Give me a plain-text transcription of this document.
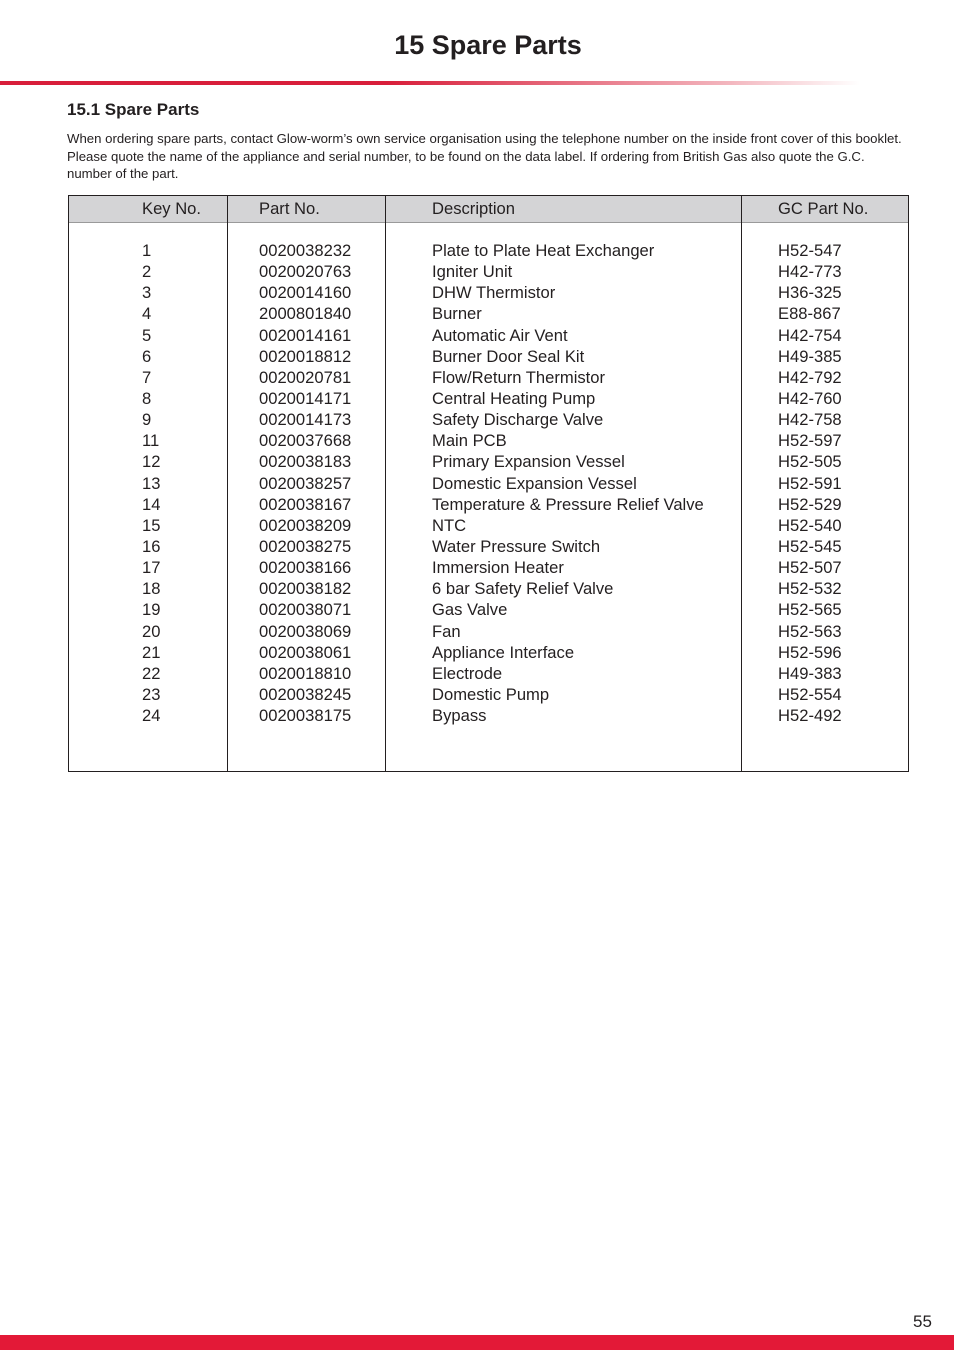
15 Spare Parts
15.1 Spare Parts
When ordering spare parts, contact Glow-worm’s own service organisation using the telephone number on the inside front cover of this booklet. Please quote the name of the appliance and serial number, to be found on the data label. If ordering from British Gas also quote the G.C. number of the part.
Key No.
1
2
3
4
5
6
7
8
9
11
12
13
14
15
16
17
18
19
20
21
22
23
24
Part No.
0020038232
0020020763
0020014160
2000801840
0020014161
0020018812
0020020781
0020014171
0020014173
0020037668
0020038183
0020038257
0020038167
0020038209
0020038275
0020038166
0020038182
0020038071
0020038069
0020038061
0020018810
0020038245
0020038175
Description
Plate to Plate Heat Exchanger
Igniter Unit
DHW Thermistor
Burner
Automatic Air Vent
Burner Door Seal Kit
Flow/Return Thermistor
Central Heating Pump
Safety Discharge Valve
Main PCB
Primary Expansion Vessel
Domestic Expansion Vessel
Temperature & Pressure Relief Valve
NTC
Water Pressure Switch
Immersion Heater
6 bar Safety Relief Valve
Gas Valve
Fan
Appliance Interface
Electrode
Domestic Pump
Bypass
GC Part No.
H52-547
H42-773
H36-325
E88-867
H42-754
H49-385
H42-792
H42-760
H42-758
H52-597
H52-505
H52-591
H52-529
H52-540
H52-545
H52-507
H52-532
H52-565
H52-563
H52-596
H49-383
H52-554
H52-492
55
